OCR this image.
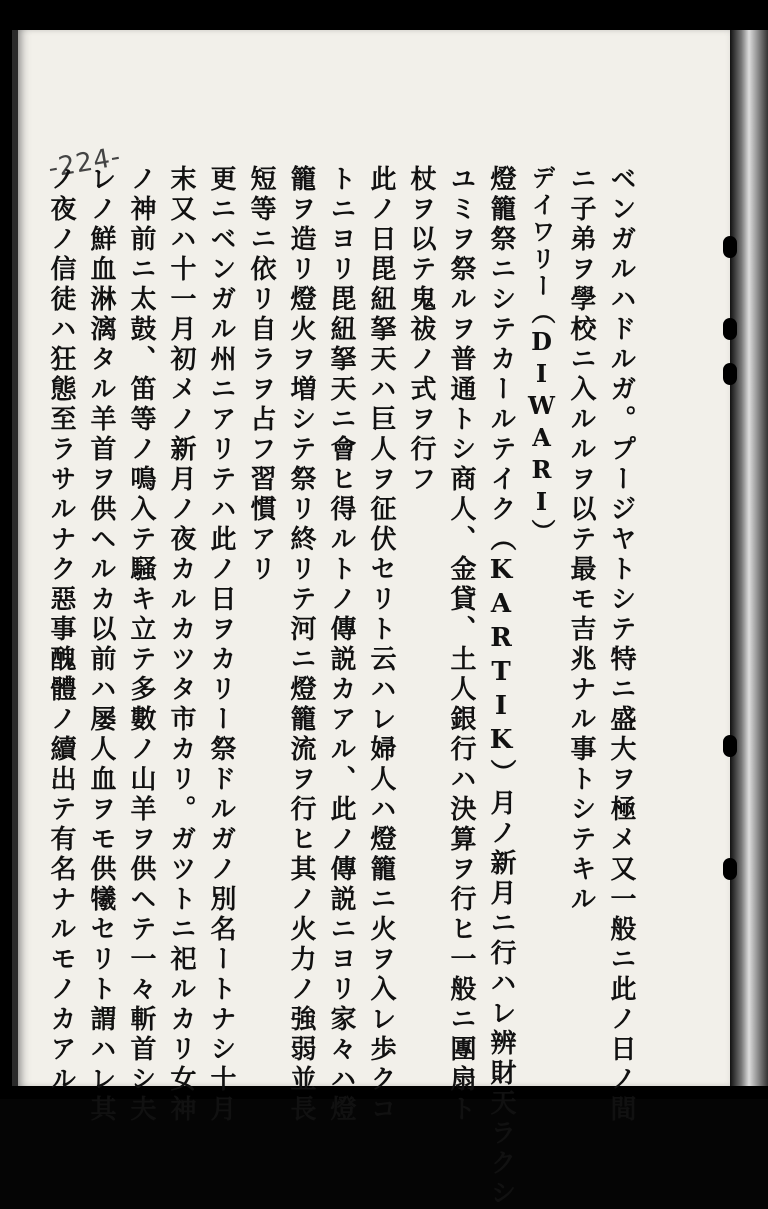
-224-
ベンガルハドルガ。プージヤトシテ特ニ盛大ヲ極メ又一般ニ此ノ日ノ間
ニ子弟ヲ學校ニ入ルルヲ以テ最モ吉兆ナル事トシテキル
デイワリー（DIWARI）
燈籠祭ニシテカールテイク（KARTIK）月ノ新月ニ行ハレ辨財天ラクシ
ユミヲ祭ルヲ普通トシ商人、金貸、土人銀行ハ決算ヲ行ヒ一般ニ團扇ト
杖ヲ以テ鬼祓ノ式ヲ行フ
此ノ日毘紐拏天ハ巨人ヲ征伏セリト云ハレ婦人ハ燈籠ニ火ヲ入レ歩クコ
トニヨリ毘紐拏天ニ會ヒ得ルトノ傳説カアル、此ノ傳説ニヨリ家々ハ燈
籠ヲ造リ燈火ヲ増シテ祭リ終リテ河ニ燈籠流ヲ行ヒ其ノ火力ノ強弱並長
短等ニ依リ自ラヲ占フ習慣アリ
更ニベンガル州ニアリテハ此ノ日ヲカリー祭ドルガノ別名ートナシ十月
末又ハ十一月初メノ新月ノ夜カルカツタ市カリ。ガツトニ祀ルカリ女神
ノ神前ニ太鼓、笛等ノ鳴入テ騒キ立テ多數ノ山羊ヲ供ヘテ一々斬首シ夫
レノ鮮血淋漓タル羊首ヲ供ヘルカ以前ハ屡人血ヲモ供犧セリト謂ハレ其
ノ夜ノ信徒ハ狂態至ラサルナク惡事醜體ノ續出テ有名ナルモノカアル
